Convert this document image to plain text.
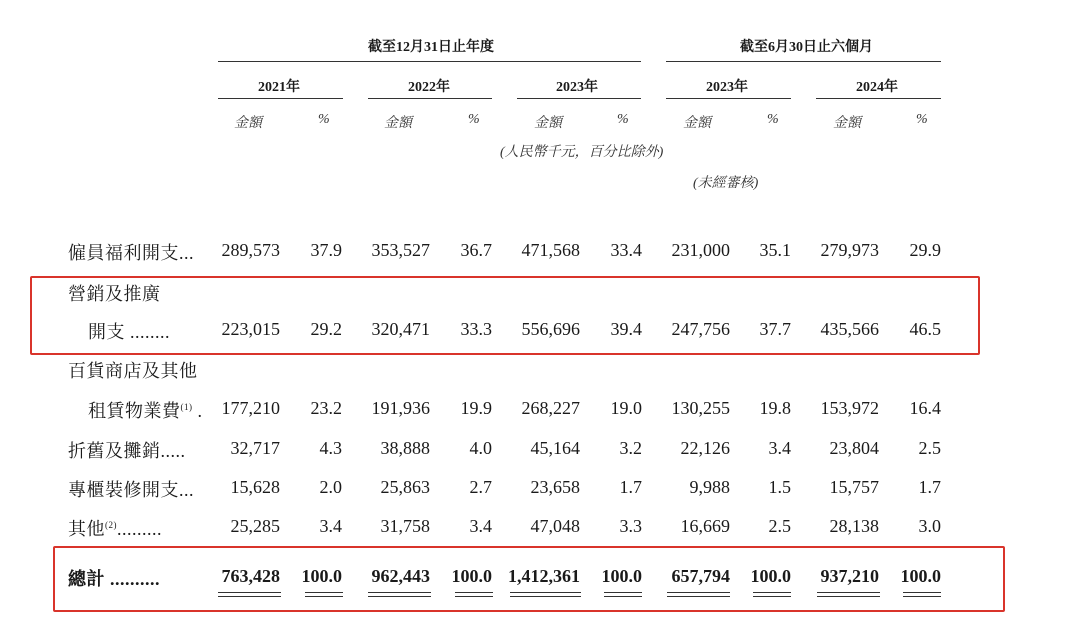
截至12月31日止年度	截至6月30日止六個月
2021年	2022年	2023年	2023年	2024年
金額	%	金額	%	金額	%	金額	%	金額	%
(人民幣千元，百分比除外)
(未經審核)
僱員福利開支... 289,573 37.9 353,527 36.7 471,568 33.4 231,000 35.1 279,973 29.9
營銷及推廣
開支 ........	223,015 29.2 320,471 33.3 556,696 39.4 247,756 37.7 435,566 46.5
百貨商店及其他
租賃物業費$^{(1)}$ . 177,210 23.2 191,936 19.9 268,227 19.0 130,255 19.8 153,972 16.4
折舊及攤銷.....	32,717 4.3 38,888 4.0 45,164 3.2 22,126 3.4 23,804 2.5
專櫃裝修開支... 15,628 2.0 25,863 2.7 23,658 1.7	9,988 1.5 15,757 1.7
其他$^{(2)}$.........	25,285 3.4 31,758 3.4 47,048 3.3 16,669 2.5 28,138 3.0
總計 ..........	763,428 100.0 962,443 100.0 1,412,361 100.0 657,794 100.0 937,210 100.0
